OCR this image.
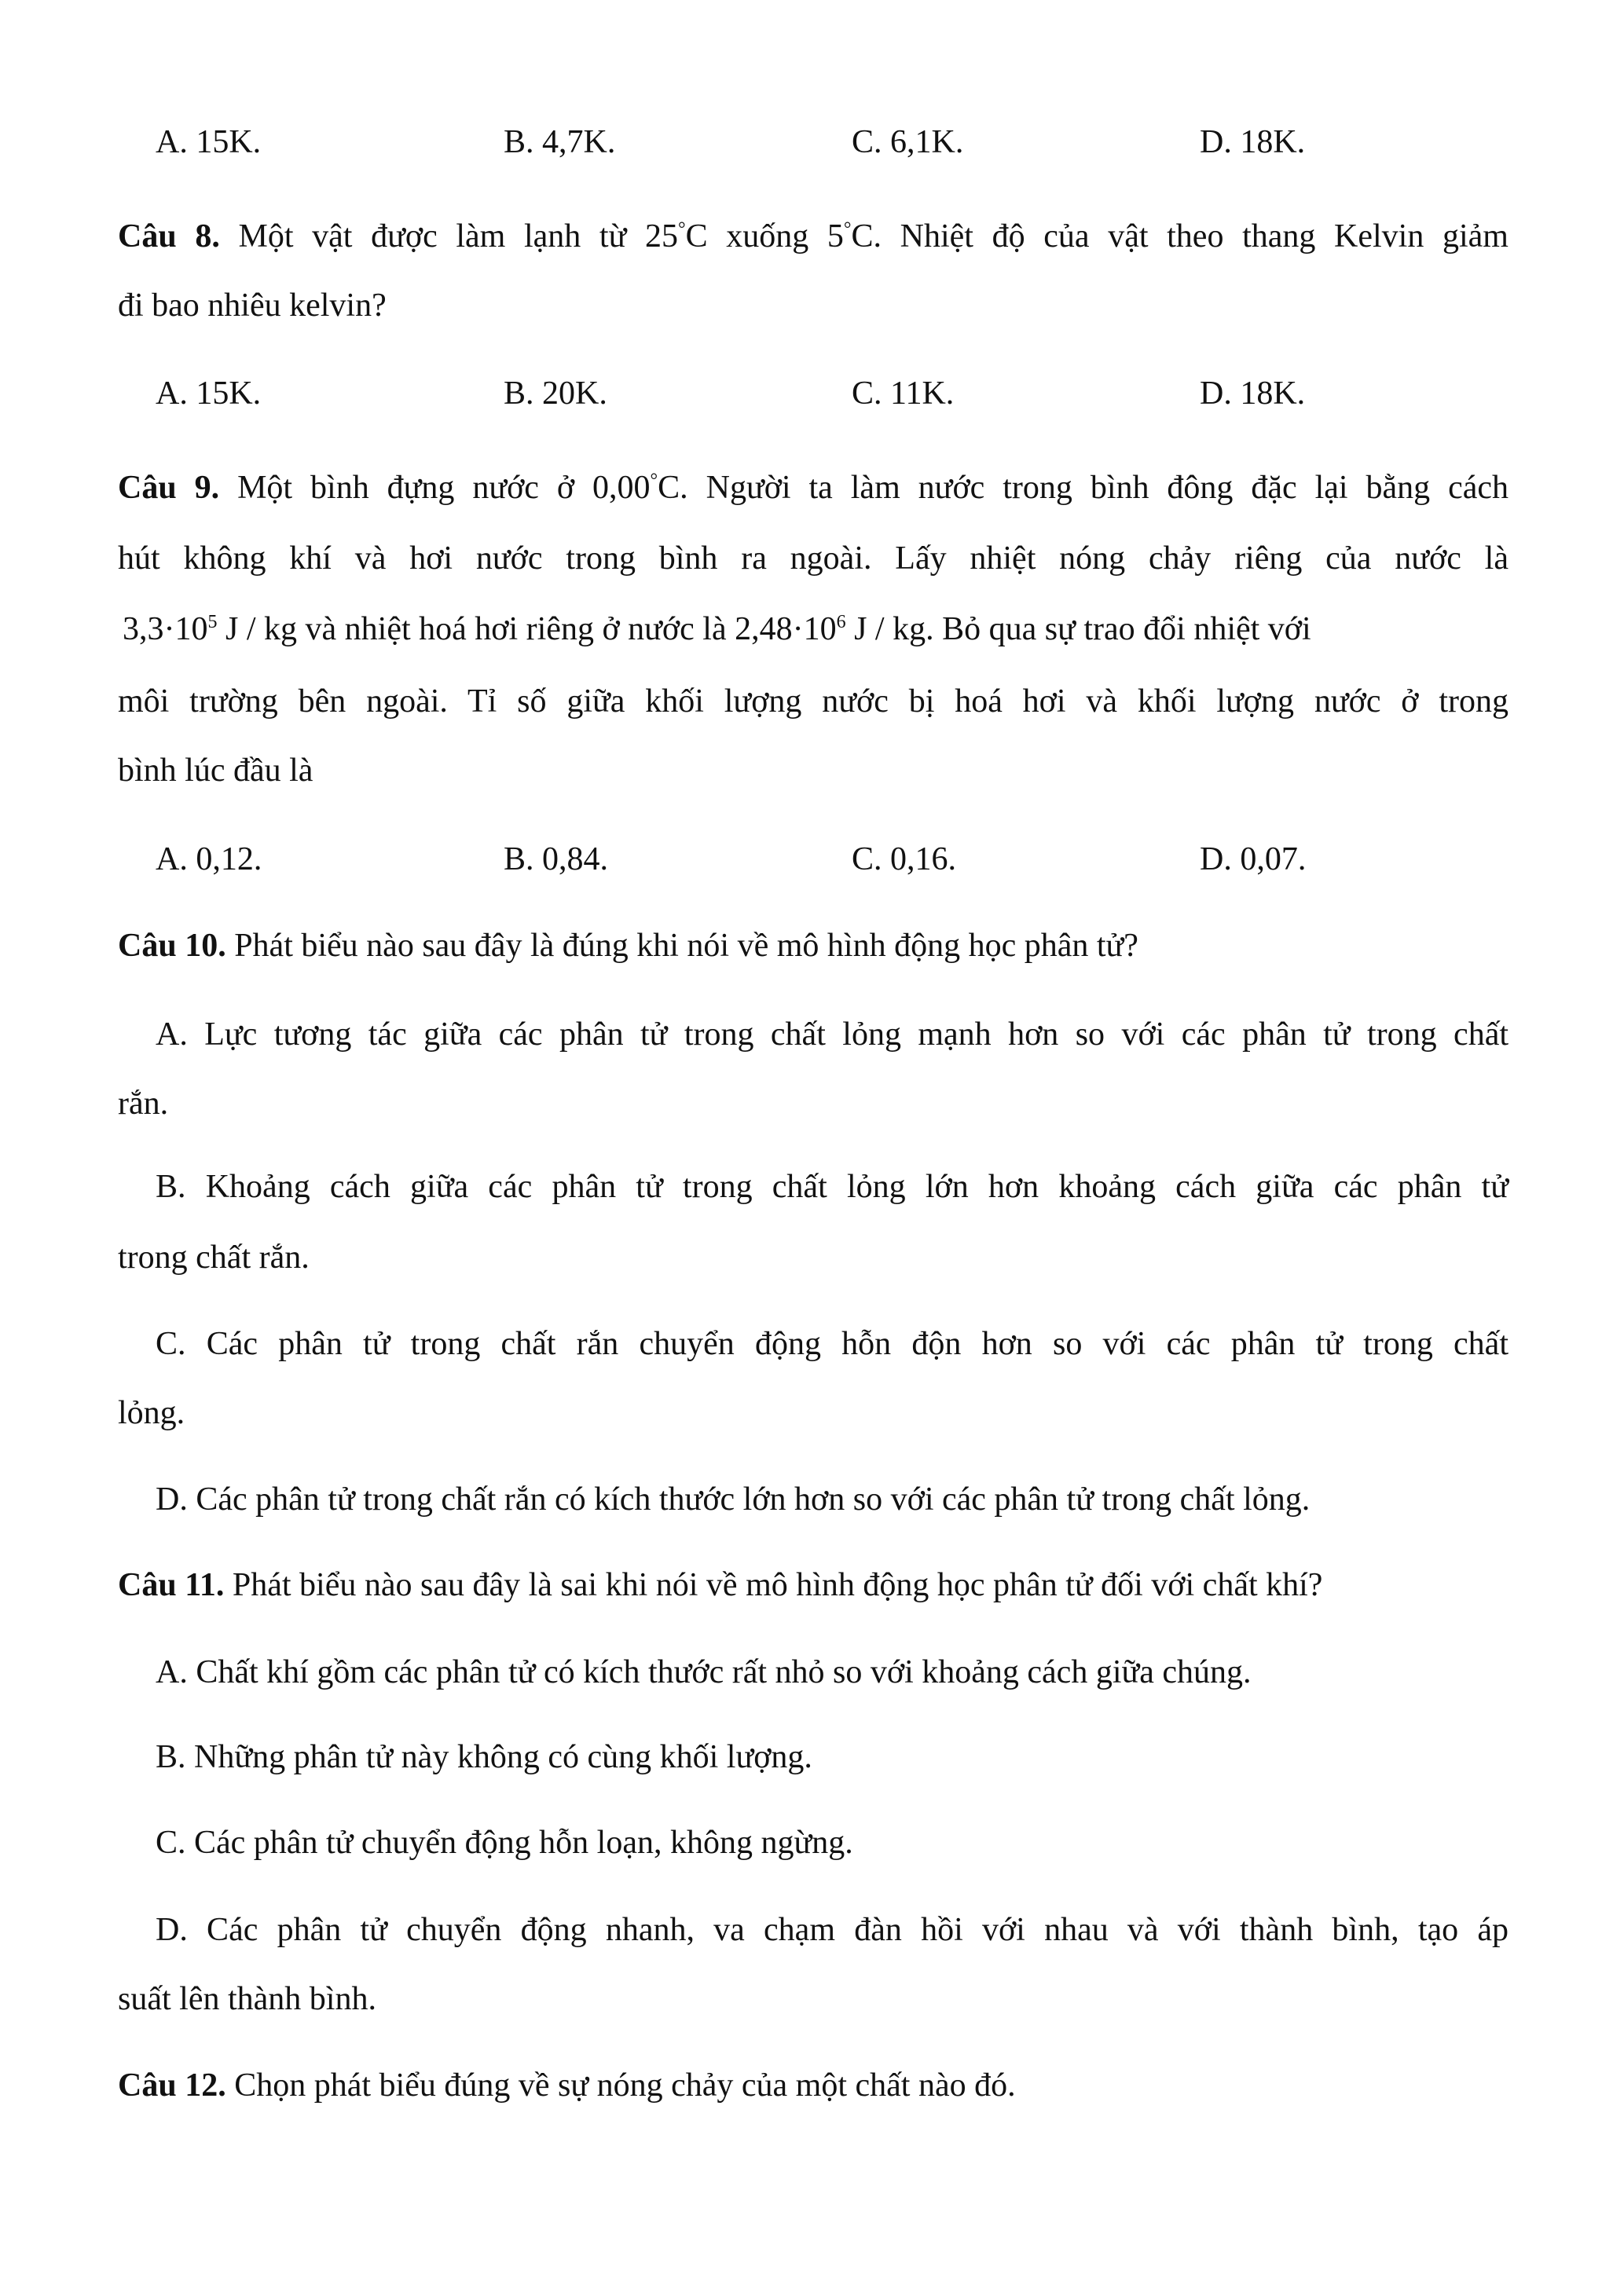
A. 15K.	B. 4,7K.	C. 6,1K.	D. 18K.
Câu 8. Một vật được làm lạnh từ 25°C xuống 5°C. Nhiệt độ của vật theo thang Kelvin giảm
đi bao nhiêu kelvin?
A. 15K.	B. 20K.	C. 11K.	D. 18K.
Câu 9. Một bình đựng nước ở 0,00°C. Người ta làm nước trong bình đông đặc lại bằng cách
hút không khí và hơi nước trong bình ra ngoài. Lấy nhiệt nóng chảy riêng của nước là
$3,3\cdot 10^5$ J / kg và nhiệt hoá hơi riêng ở nước là $2,48\cdot 10^6$ J / kg. Bỏ qua sự trao đổi nhiệt với
môi trường bên ngoài. Tỉ số giữa khối lượng nước bị hoá hơi và khối lượng nước ở trong
bình lúc đầu là
A. 0,12.	B. 0,84.	C. 0,16.	D. 0,07.
Câu 10. Phát biểu nào sau đây là đúng khi nói về mô hình động học phân tử?
A. Lực tương tác giữa các phân tử trong chất lỏng mạnh hơn so với các phân tử trong chất
rắn.
B. Khoảng cách giữa các phân tử trong chất lỏng lớn hơn khoảng cách giữa các phân tử
trong chất rắn.
C. Các phân tử trong chất rắn chuyển động hỗn độn hơn so với các phân tử trong chất
lỏng.
D. Các phân tử trong chất rắn có kích thước lớn hơn so với các phân tử trong chất lỏng.
Câu 11. Phát biểu nào sau đây là sai khi nói về mô hình động học phân tử đối với chất khí?
A. Chất khí gồm các phân tử có kích thước rất nhỏ so với khoảng cách giữa chúng.
B. Những phân tử này không có cùng khối lượng.
C. Các phân tử chuyển động hỗn loạn, không ngừng.
D. Các phân tử chuyển động nhanh, va chạm đàn hồi với nhau và với thành bình, tạo áp
suất lên thành bình.
Câu 12. Chọn phát biểu đúng về sự nóng chảy của một chất nào đó.
